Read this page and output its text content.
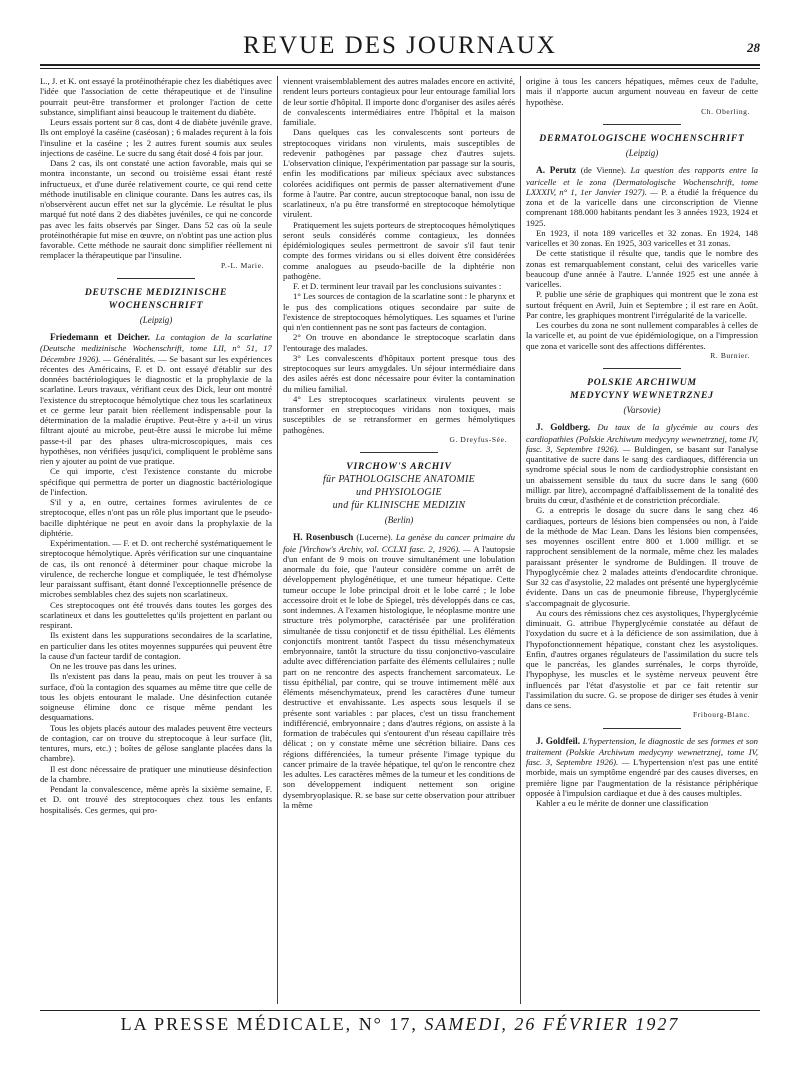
REVUE DES JOURNAUX	28

L., J. et K. ont essayé la protéinothérapie chez les diabétiques avec l'idée que l'association de cette thérapeutique et de l'insuline pourrait peut-être transformer et prolonger l'action de cette substance, simplifiant ainsi beaucoup le traitement du diabète.

Leurs essais portent sur 8 cas, dont 4 de diabète juvénile grave. Ils ont employé la caséine (caséosan) ; 6 malades reçurent à la fois l'insuline et la caséine ; les 2 autres furent soumis aux seules injections de caséine. Le sucre du sang était dosé 4 fois par jour.

Dans 2 cas, ils ont constaté une action favorable, mais qui se montra inconstante, un second ou troisième essai étant resté infructueux, et d'une durée relativement courte, ce qui rend cette méthode inutilisable en clinique courante. Dans les autres cas, ils n'observèrent aucun effet net sur la glycémie. Le résultat le plus marqué fut noté dans 2 des diabètes juvéniles, ce qui ne concorde pas avec les faits observés par Singer. Dans 52 cas où la seule protéinothérapie fut mise en œuvre, on n'obtint pas une action plus favorable. Cette méthode ne saurait donc simplifier réellement ni remplacer la thérapeutique par l'insuline.

P.-L. Marie.

DEUTSCHE MEDIZINISCHE WOCHENSCHRIFT
(Leipzig)

Friedemann et Deicher. La contagion de la scarlatine (Deutsche medizinische Wochenschrift, tome LII, n° 51, 17 Décembre 1926). — Généralités. — Se basant sur les expériences récentes des Américains, F. et D. ont essayé d'établir sur des données bactériologiques le diagnostic et la prophylaxie de la scarlatine. Leurs travaux, vérifiant ceux des Dick, leur ont montré l'existence du streptocoque hémolytique chez tous les scarlatineux et ce germe leur parait bien réellement indispensable pour la détermination de la maladie éruptive. Peut-être y a-t-il un virus filtrant ajouté au microbe, peut-être aussi le microbe lui même passe-t-il par des phases ultra-microscopiques, mais ces hypothèses, non vérifiées jusqu'ici, compliquent le problème sans rien y ajouter au point de vue pratique.

Ce qui importe, c'est l'existence constante du microbe spécifique qui permettra de porter un diagnostic bactériologique de l'infection.

S'il y a, en outre, certaines formes avirulentes de ce streptocoque, elles n'ont pas un rôle plus important que le pseudo-bacille diphtérique ne peut en avoir dans la prophylaxie de la diphtérie.

Expérimentation. — F. et D. ont recherché systématiquement le streptocoque hémolytique. Après vérification sur une cinquantaine de cas, ils ont renoncé à déterminer pour chaque microbe la virulence, de recherche longue et compliquée, le test d'hémolyse leur paraissant suffisant, étant donné l'exceptionnelle présence de microbes semblables chez des sujets non scarlatineux.

Ces streptocoques ont été trouvés dans toutes les gorges des scarlatineux et dans les gouttelettes qu'ils projettent en parlant ou respirant.

Ils existent dans les suppurations secondaires de la scarlatine, en particulier dans les otites moyennes suppurées qui peuvent être la cause d'un facteur tardif de contagion.

On ne les trouve pas dans les urines.

Ils n'existent pas dans la peau, mais on peut les trouver à sa surface, d'où la contagion des squames au même titre que celle de tous les objets entourant le malade. Une désinfection cutanée soigneuse élimine donc ce risque même pendant les desquamations.

Tous les objets placés autour des malades peuvent être vecteurs de contagion, car on trouve du streptocoque à leur surface (lit, tentures, murs, etc.) ; boîtes de gélose sanglante placées dans la chambre).

Il est donc nécessaire de pratiquer une minutieuse désinfection de la chambre.

Pendant la convalescence, même après la sixième semaine, F. et D. ont trouvé des streptocoques chez tous les enfants hospitalisés. Ces germes, qui pro-

viennent vraisemblablement des autres malades encore en activité, rendent leurs porteurs contagieux pour leur entourage familial lors de leur sortie d'hôpital. Il importe donc d'organiser des asiles aérés de convalescents intermédiaires entre l'hôpital et la maison familiale.

Dans quelques cas les convalescents sont porteurs de streptocoques viridans non virulents, mais susceptibles de redevenir pathogènes par passage chez d'autres sujets. L'observation clinique, l'expérimentation par passage sur la souris, enfin les modifications par milieux spéciaux avec substances colorées acidifiques ont permis de passer alternativement d'une forme à l'autre. Par contre, aucun streptocoque banal, non issu de scarlatineux, n'a pu être transformé en streptocoque hémolytique virulent.

Pratiquement les sujets porteurs de streptocoques hémolytiques seront seuls considérés comme contagieux, les données épidémiologiques seules permettront de savoir s'il faut tenir compte des formes viridans ou si elles doivent être considérées comme analogues au pseudo-bacille de la diphtérie non pathogène.

F. et D. terminent leur travail par les conclusions suivantes :

1° Les sources de contagion de la scarlatine sont : le pharynx et le pus des complications otiques secondaire par suite de l'existence de streptocoques hémolytiques. Les squames et l'urine qui n'en contiennent pas ne sont pas facteurs de contagion.

2° On trouve en abondance le streptocoque scarlatin dans l'entourage des malades.

3° Les convalescents d'hôpitaux portent presque tous des streptocoques sur leurs amygdales. Un séjour intermédiaire dans des asiles aérés est donc nécessaire pour éviter la contamination du milieu familial.

4° Les streptocoques scarlatineux virulents peuvent se transformer en streptocoques viridans non toxiques, mais susceptibles de se retransformer en germes hémolytiques pathogènes.

G. Dreyfus-Sée.

VIRCHOW'S ARCHIV
für PATHOLOGISCHE ANATOMIE
und PHYSIOLOGIE
und für KLINISCHE MEDIZIN
(Berlin)

H. Rosenbusch (Lucerne). La genèse du cancer primaire du foie [Virchow's Archiv, vol. CCLXI fasc. 2, 1926). — A l'autopsie d'un enfant de 9 mois on trouve simultanément une lobulation anormale du foie, que l'auteur considère comme un arrêt de développement phylogénétique, et une tumeur hépatique. Cette tumeur occupe le lobe principal droit et le lobe carré ; le lobe accessoire droit et le lobe de Spiegel, très développés dans ce cas, sont indemnes. A l'examen histologique, le néoplasme montre une structure très polymorphe, caractérisée par une prolifération simultanée de tissu conjonctif et de tissu épithélial. Les éléments conjonctifs montrent tantôt l'aspect du tissu mésenchymateux embryonnaire, tantôt la structure du tissu conjonctivo-vasculaire adulte avec différenciation parfaite des éléments cellulaires ; nulle part on ne rencontre des aspects franchement sarcomateux. Le tissu épithélial, par contre, qui se trouve intimement mêlé aux éléments mésenchymateux, prend les caractères d'une tumeur destructive et envahissante. Les aspects sous lesquels il se présente sont variables : par places, c'est un tissu franchement indifférencié, embryonnaire ; dans d'autres régions, on assiste à la formation de trabécules qui s'entourent d'un réseau capillaire très délicat ; on y constate même une sécrétion biliaire. Dans ces régions différenciées, la tumeur présente l'image typique du cancer primaire de la travée hépatique, tel qu'on le rencontre chez les adultes. Les caractères mêmes de la tumeur et les conditions de son développement indiquent nettement son origine dysembryoplasique. R. se base sur cette observation pour attribuer la même

origine à tous les cancers hépatiques, mêmes ceux de l'adulte, mais il n'apporte aucun argument nouveau en faveur de cette hypothèse.

Ch. Oberling.

DERMATOLOGISCHE WOCHENSCHRIFT
(Leipzig)

A. Perutz (de Vienne). La question des rapports entre la varicelle et le zona (Dermatologische Wochenschrift, tome LXXXIV, n° 1, 1er Janvier 1927). — P. a étudié la fréquence du zona et de la varicelle dans une circonscription de Vienne comprenant 188.000 habitants pendant les 3 années 1923, 1924 et 1925.

En 1923, il nota 189 varicelles et 32 zonas. En 1924, 148 varicelles et 30 zonas. En 1925, 303 varicelles et 31 zonas.

De cette statistique il résulte que, tandis que le nombre des zonas est remarquablement constant, celui des varicelles varie beaucoup d'une année à l'autre. L'année 1925 est une année à varicelles.

P. publie une série de graphiques qui montrent que le zona est surtout fréquent en Avril, Juin et Septembre ; il est rare en Août. Par contre, les graphiques montrent l'irrégularité de la varicelle.

Les courbes du zona ne sont nullement comparables à celles de la varicelle et, au point de vue épidémiologique, on a l'impression que zona et varicelle sont des affections différentes.

R. Burnier.

POLSKIE ARCHIWUM
MEDYCYNY WEWNETRZNEJ
(Varsovie)

J. Goldberg. Du taux de la glycémie au cours des cardiopathies (Polskie Archiwum medycyny wewnetrznej, tome IV, fasc. 3, Septembre 1926). — Buldingen, se basant sur l'analyse quantitative de sucre dans le sang des cardiaques, différencia un syndrome spécial sous le nom de cardiodystrophie consistant en un abaissement sensible du taux du sucre dans le sang (600 milligr. par litre), accompagné d'affaiblissement de la tonalité des bruits du cœur, d'asthénie et de constriction précordiale.

G. a entrepris le dosage du sucre dans le sang chez 46 cardiaques, porteurs de lésions bien compensées ou non, à l'aide de la méthode de Mac Lean. Dans les lésions bien compensées, ses moyennes oscillent entre 800 et 1.000 milligr. et se rapprochent sensiblement de la normale, même chez les malades paraissant présenter le syndrome de Buldingen. Il trouve de l'hypoglycémie chez 2 malades atteints d'endocardite chronique. Sur 32 cas d'asystolie, 22 malades ont présenté une hyperglycémie évidente. Dans un cas de pneumonie fibreuse, l'hyperglycémie s'accompagnait de glycosurie.

Au cours des rémissions chez ces asystoliques, l'hyperglycémie diminuait. G. attribue l'hyperglycémie constatée au défaut de l'oxydation du sucre et à la déficience de son assimilation, due à l'hypofonctionnement hépatique, constant chez les asystoliques. Enfin, d'autres organes régulateurs de l'assimilation du sucre tels que le pancréas, les glandes surrénales, le corps thyroïde, l'hypophyse, les muscles et le système nerveux peuvent être influencés par l'état d'asystolie et par ce fait retentir sur l'assimilation du sucre. G. se propose de diriger ses études à venir dans ce sens.

Fribourg-Blanc.

J. Goldfeil. L'hypertension, le diagnostic de ses formes et son traitement (Polskie Archiwum medycyny wewnetrznej, tome IV, fasc. 3, Septembre 1926). — L'hypertension n'est pas une entité morbide, mais un symptôme engendré par des causes diverses, en première ligne par l'augmentation de la résistance périphérique opposée à l'impulsion cardiaque et due à des causes multiples.

Kahler a eu le mérite de donner une classification

LA PRESSE MÉDICALE, N° 17, SAMEDI, 26 FÉVRIER 1927
